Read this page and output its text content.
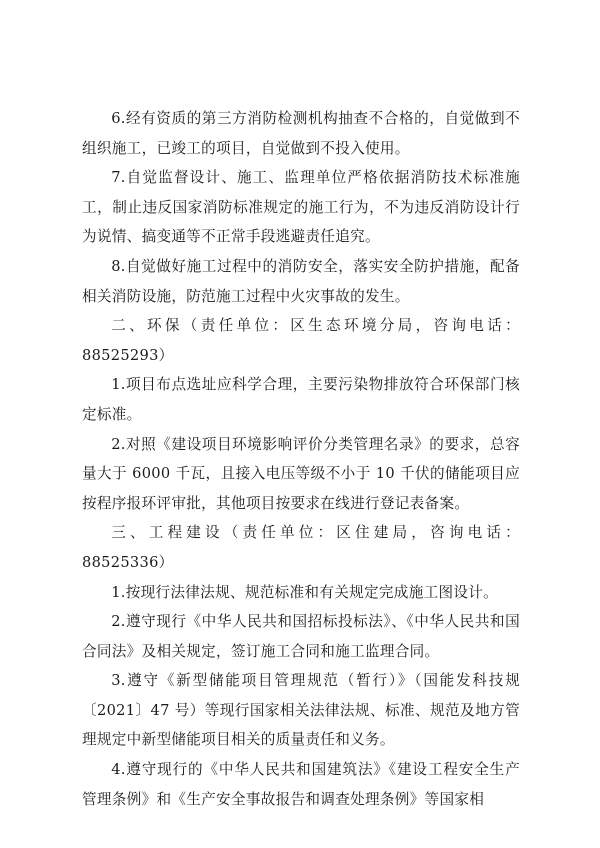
6.经有资质的第三方消防检测机构抽查不合格的，自觉做到不组织施工，已竣工的项目，自觉做到不投入使用。

7.自觉监督设计、施工、监理单位严格依据消防技术标准施工，制止违反国家消防标准规定的施工行为，不为违反消防设计行为说情、搞变通等不正常手段逃避责任追究。

8.自觉做好施工过程中的消防安全，落实安全防护措施，配备相关消防设施，防范施工过程中火灾事故的发生。

二、环保（责任单位：区生态环境分局，咨询电话：88525293）

1.项目布点选址应科学合理，主要污染物排放符合环保部门核定标准。

2.对照《建设项目环境影响评价分类管理名录》的要求，总容量大于 6000 千瓦，且接入电压等级不小于 10 千伏的储能项目应按程序报环评审批，其他项目按要求在线进行登记表备案。

三、工程建设（责任单位：区住建局，咨询电话：88525336）

1.按现行法律法规、规范标准和有关规定完成施工图设计。

2.遵守现行《中华人民共和国招标投标法》、《中华人民共和国合同法》及相关规定，签订施工合同和施工监理合同。

3.遵守《新型储能项目管理规范（暂行）》（国能发科技规〔2021〕47 号）等现行国家相关法律法规、标准、规范及地方管理规定中新型储能项目相关的质量责任和义务。

4.遵守现行的《中华人民共和国建筑法》《建设工程安全生产管理条例》和《生产安全事故报告和调查处理条例》等国家相
